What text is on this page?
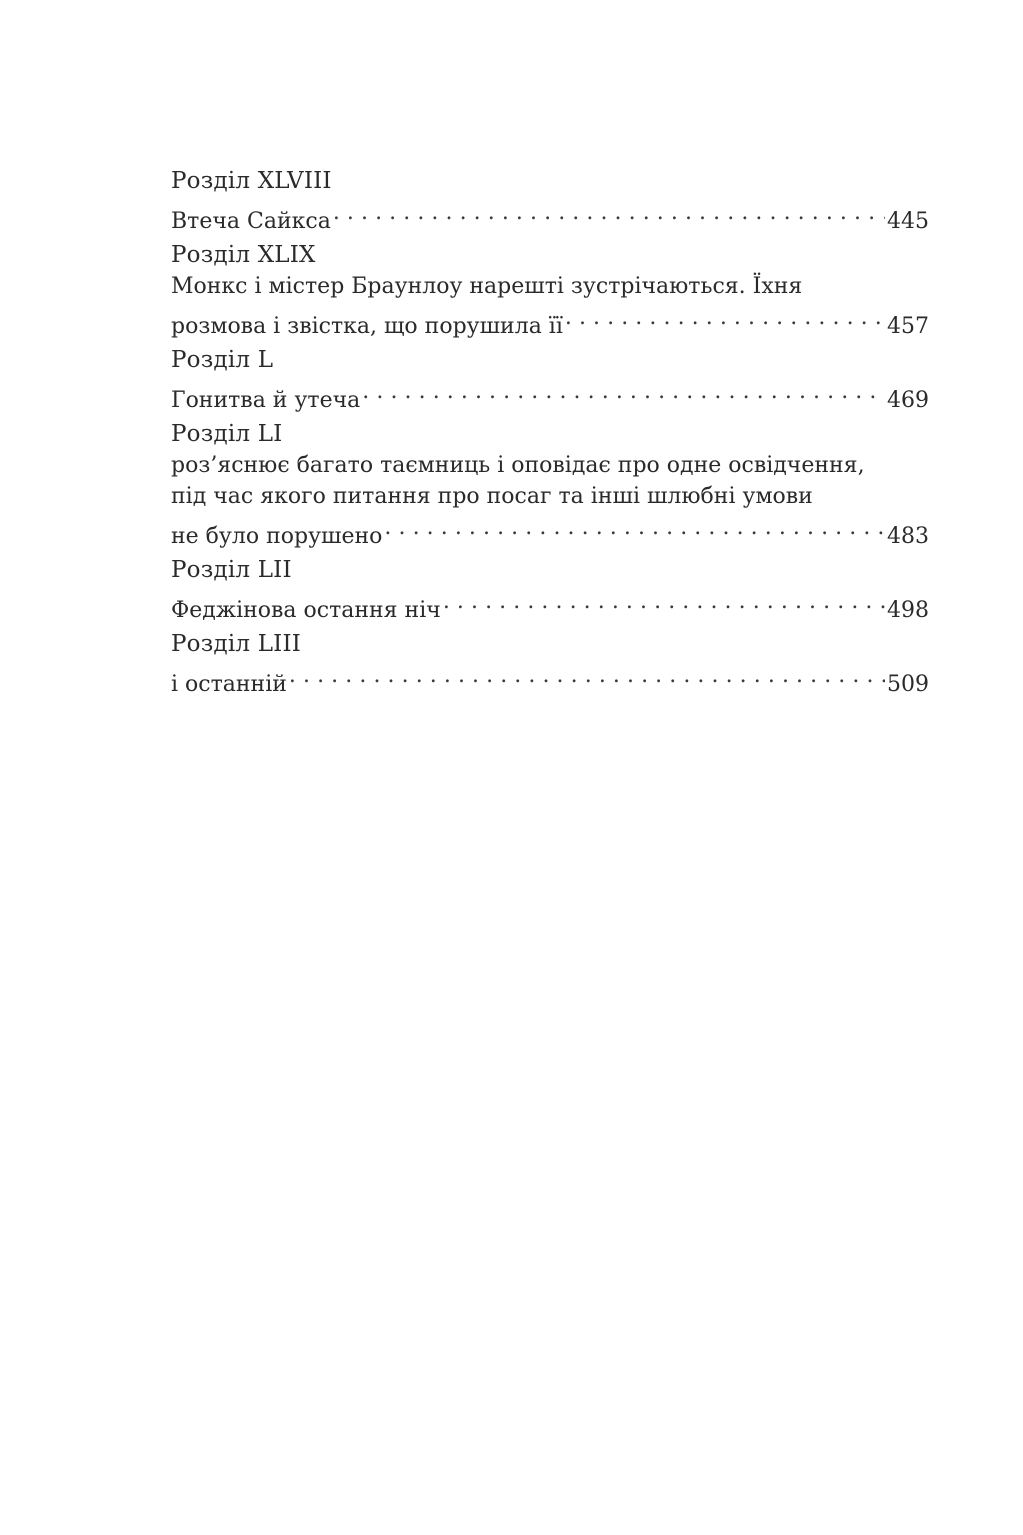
Розділ XLVIII
Втеча Сайкса . . .	445
Розділ XLIX
Монкс і містер Браунлоу нарешті зустрічаються. Їхня
розмова і звістка, що порушила її . . .	457
Розділ L
Гонитва й утеча . . .	469
Розділ LI
роз’яснює багато таємниць і оповідає про одне освідчення,
під час якого питання про посаг та інші шлюбні умови
не було порушено . . .	483
Розділ LII
Феджінова остання ніч . . .	498
Розділ LIII
і останній . . .	509
